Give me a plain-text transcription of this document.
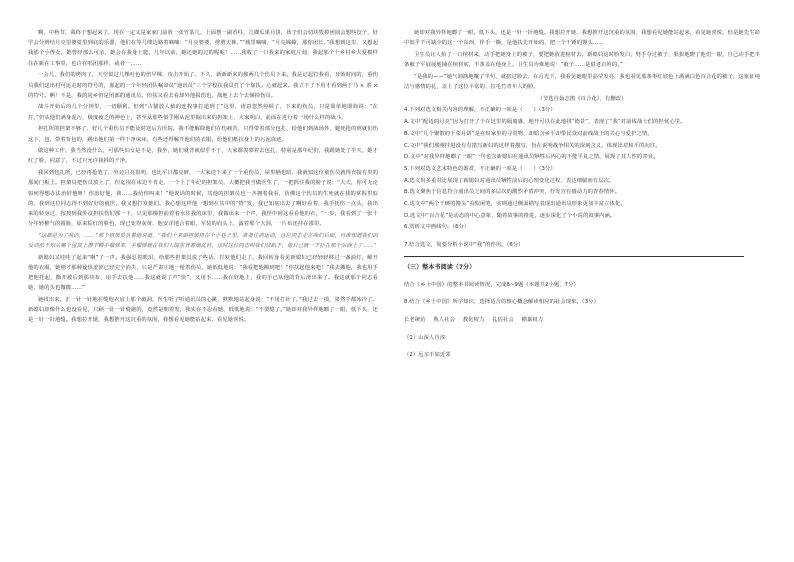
啊，中秋节，我终于想起来了，现在一定又是家家门前放一张竹茶几，上面摆一副香柱，几碟瓜果月饼，孩子们会切块毁掉团圆会想些饺子，好学会分辨结月亮里婆娑里到底的乐器，他们在等几缕边路着嘀嘀：“月亮婆婆，剪剪天裤。”“城里嘀嘀，“月亮嫦嫦，那你团长。”我想到这里，又想起我那个小侄女，她曾经那么可亲，她会在我身上爬。几年以前，她还她的过的呢呢！……我收了一口我来的家庭片刻，我起那个个乡村乡大爱模样住在新在工事里，也许在唱团那样，或者一……

一会儿，我们的烤肉了，天空似过几棵吐色的倍早梯，攻击开始了。不久，新新新来的独两几个伤员下来。我是记起打我看，开始时间的，重伤员我们送出村可运走时的符号的，那起的一个年轻团队嘱命员“通讯员”三个学校扶我员打了个靠扶。心就起来。我立下了下用才看到两于马 × 着 × 的符号。啊！不是，我的同乡但是团部的通讯员。但扶又看去看却外他损伤也。战地上去个去倾掉伤员。

战斗开始后的几个分钟里，一切顺利。但到“古猫放人截的连枚事打道到了”这里，涛意忽然停顿了，下来的伤员，只是简单地即简说：“在打。”但从他们满身泥污，极度疲乏的神色上，甚至从那些似乎刚从泥里掘出来的担架上，大家明白，前面在进行着一场什么样的战斗。

担扎所的担架不够了，好几个重伤员不能及时送后方医院，我不能解除他们在伤痛苦，只得带着部分包扎，给他们到战场外，避死抢的到就们伤这下，包，带着背包的，跳出他们第一样干净床床，有些还得解开他们的衣服，给他们抵抗身上的污泥血迹。

做这种工作，我当然没什么，可那些妇女是不是，我坐，她们就背就似乎不于，大家都羡慕着去包扎，特别是那年纪们，我跟她处了半天，她才红了脸，同意了，不过只允许我拆的干净。

我回到包扎所，已经再抢笔了，外边月亮很明，也比平日都亮鲜，一大家送下来了一个重伤员，屋里桶也暗，我就知这位童伤员就得直接有里的那间门板上。担架员把伤员放上了，但迄围在床边不肯走，一个上了年纪的担架员，大概把我当做医生了，一把抓住我的膀子说：“大夫，你可无论如何得想办法治好他呀！你治好他，我……我给你叫来！”他说话的时候，其他的担架员也一齐拥着我看，仿佛这个伤员的生死就在我的掌握里似的，我到这位同志得不到好好的就医，我又想打发她们。我心想这样他一想到在其中的“情”发，我已知底出去了啊好看着，我手抚伤一点头，我出来的转身过，按按到我外沒担扶伤们那一下，只见那梯担前着着水往我的床里，我做出来一个声，我怪中间这看看他的衣，“一步，我看到了一张十分年轻稚气的圆脸，原来棕红的脸色，现已变得灰黄，他安详地合着眼，军装的肩头上，露着那个大洞，一片布还挂在那里。

“这都是为了我的，……”那个担架员负着地说道，“我们十来副担架挤在个小巷子里，准备往前运动，这位同志走在我们后面，可谁知道我们的反动派不知从哪个屋顶上撂下颗手榴弹来，手榴弹就在我们人缝里冒着烟乱转，这时这位同志叫我们快趴下，他自己就一下扑在那个东西上了……”

新媳妇又哇哇了起来“啊”了一声。我强忍着眼泪，给那些担架员说了些话，打发他们走了。我回转身看见新媳妇已经轻轻移过一盏油灯，解开他的衣服，她刚才那种疑惧羞涩已经完全消失，只是严肃庄地一枪着伤员，她低低地说：“我看把他搬到吧！”你扶起他来吧！”我去搬他，我也用手把他托起，撕开被后到那块布，用手去扶他……我这就说了声“快”，又用手……我在好地上，我的手已从他的背后滑出来了。我这就那个同志看她，她的头也微微……”

她找出来，正一针一针地在缝他衣肩上那个破洞。医生听了听通讯员的心跳，默默地站起身说：“不用打针了。”我过去一摸，果然手都冰冷了。新媳妇却像什么也没看见，只顾一针一针缝她的，竟然是朝着发，我实在不忍看她，低低地说：“不要缝了。”她却对我异样地瞟了一眼，低下头，还是一针一针地缝。我想拉开她，我想推开这沉重的氛围，我想看见她能站起来，看见她喜悦。

她却对我异样地瞟了一眼，低下头，还是一针一针地缝。我想拉开她，我想推开这沉重的氛围，我想看见她能站起来，看见她喜悦。但是她先生命中似乎不可缺少的这一个东西，伴手一撕，是他扶先开始的，把一个干锤的馒头……

卫生员让人抬了一口棺材来，动手把她身上的被子，要把她放进棺材去。新媳妇这时脸发白，劈手夺过被子，狠狠地瞪了他们一眼，自己动手把半条被子平展展地铺在棺材底，半条盖在他身上。卫生员为难地说：“被子……是借老百姓的。”

“是我的——”她气汹汹地嚷了半句，就扭过脸去，在月光下，我看见她眼里晶莹发亮，我也看见那条枣红底色上洒满白色百合花的被子，这象征纯洁与感情的花，盖上了这位平常的、拉毛竹青年人的脸。

（节选自茹志鹃《百合花》，有删改）

4.下列对选文相关内容的理解，不正确的一项是（　　）（3分）

A.文中“配适的月亮”因为打开了个在这里的隔离感，地开可以在此地找“德景”，表现了“我”对前线战士们的担忧心里。

B.文中“几个聚散的于菜月饼”是在短家里的寻常物，却暗含乡平却带民众对前线战士的关心与爱护之情。

C.文中“我们那刚挂进没有有措写新妇的这样着描写，旨在说明战争相关的深刻含义，体现出对和平的向往。

D.文中“对我异样地瞟了一眼”一句也含新媳妇在通讯员牺牲后内心的不能平复之情，展现了其人性的善良。

5.下列对选文艺术特色的鉴赏，不正确的一项是（　　）（3分）

A.选文用多重对比展现了新媳妇对通讯员牺牲前后的心理变化过程，表达细腻而有层次。

B.选文聚焦于信息符合通讯员之间的多层次的激烈矛盾冲突，抒发宣有感动力的青春情怀。

C.选文中“两个干硬的馒头”看似闲笔，实则通过侧面描写表现出通讯员形象更加丰富立体化。

D.选文中“百合花”是动态的中心意象，随着故事的推进，逐步深化了个小说的叙事内涵。

6.赏析文中画线句。（6分）

7.结合选文，简要分析小说中“我”的作用。（6分）

（三）整本书阅读（7分）

结合《乡土中国》的整本书阅读情况，完成8~9题（本题共2小题，7分）

8.结合《乡土中国》所学知识，选择适合的核心概念解读相应的社会现象。（3分）

长老统治 熟人社会 教化权力 礼俗社会 横暴权力

（1）山深人自淳

（2）远亲不如近邻
